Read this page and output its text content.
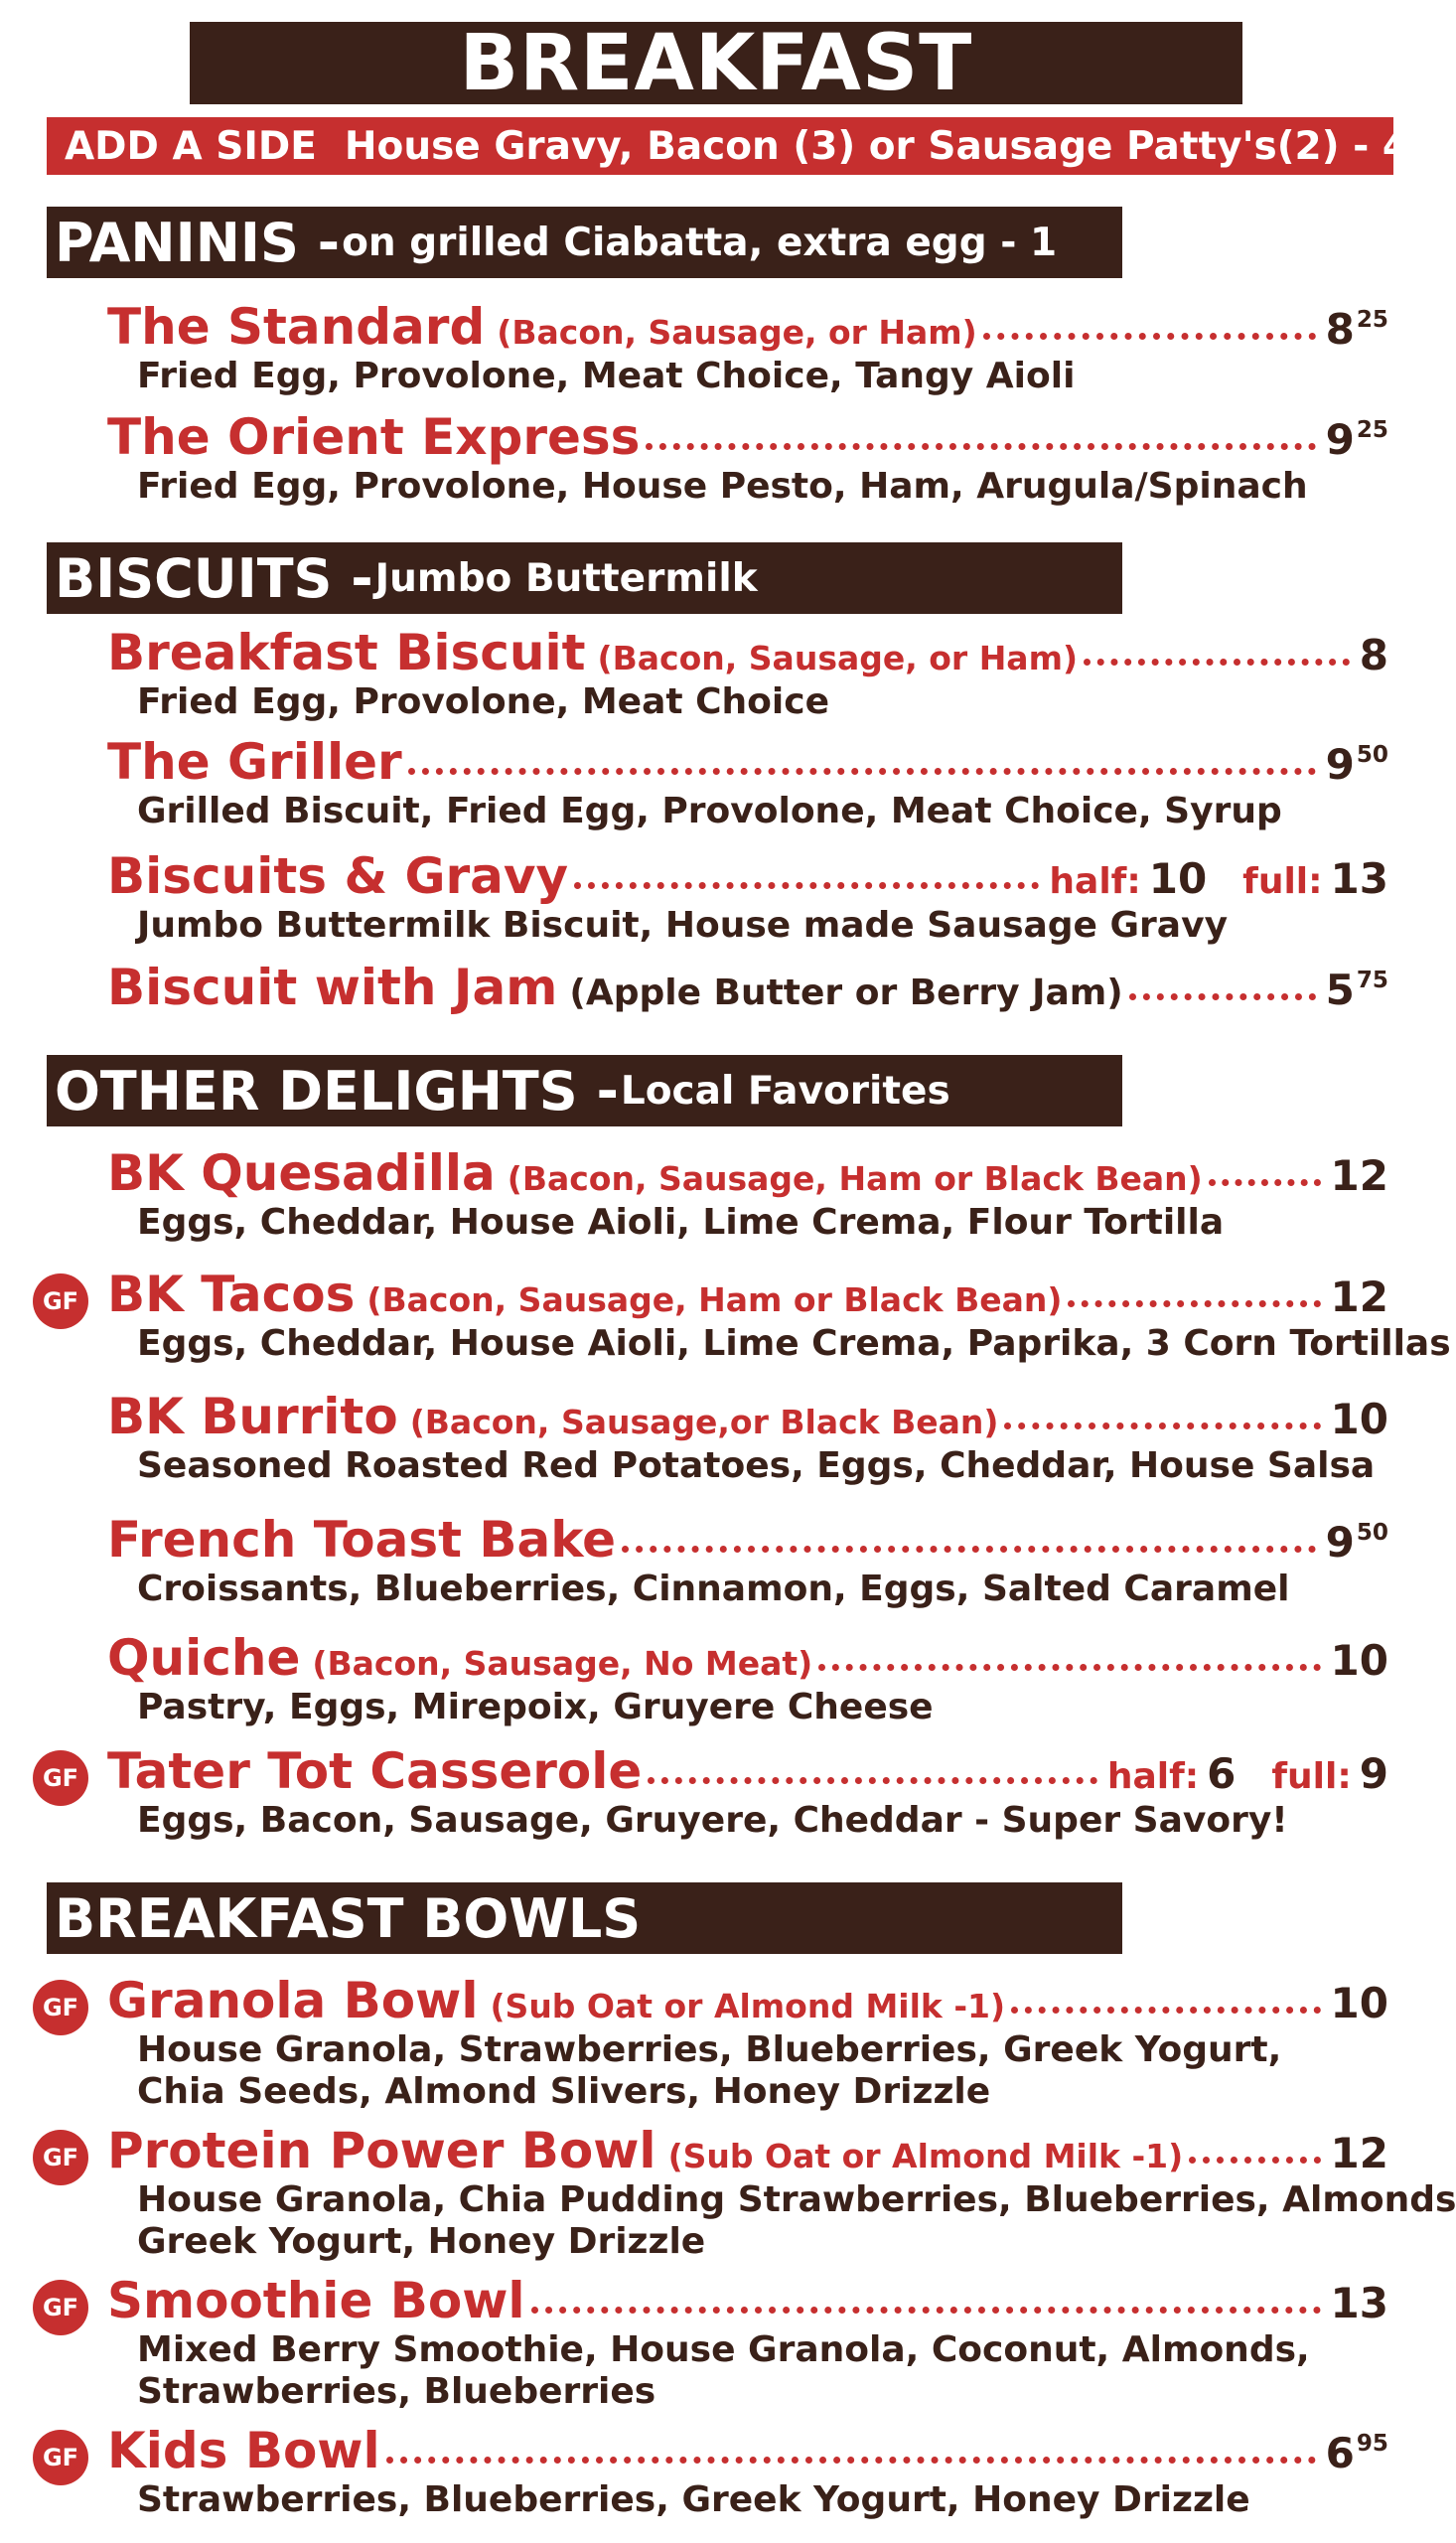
BREAKFAST
ADD A SIDE House Gravy, Bacon (3) or Sausage Patty's(2) - 4 50
PANINIS - on grilled Ciabatta, extra egg - 1
The Standard (Bacon, Sausage, or Ham)	$8^{25}$
Fried Egg, Provolone, Meat Choice, Tangy Aioli
The Orient Express	$9^{25}$
Fried Egg, Provolone, House Pesto, Ham, Arugula/Spinach
BISCUITS - Jumbo Buttermilk
Breakfast Biscuit (Bacon, Sausage, or Ham)	8
Fried Egg, Provolone, Meat Choice
The Griller	$9^{50}$
Grilled Biscuit, Fried Egg, Provolone, Meat Choice, Syrup
Biscuits & Gravy	half: 10 full: 13
Jumbo Buttermilk Biscuit, House made Sausage Gravy
Biscuit with Jam (Apple Butter or Berry Jam)	$5^{75}$
OTHER DELIGHTS - Local Favorites
BK Quesadilla (Bacon, Sausage, Ham or Black Bean)	12
Eggs, Cheddar, House Aioli, Lime Crema, Flour Tortilla
GF BK Tacos (Bacon, Sausage, Ham or Black Bean)	12
Eggs, Cheddar, House Aioli, Lime Crema, Paprika, 3 Corn Tortillas
BK Burrito (Bacon, Sausage,or Black Bean)	10
Seasoned Roasted Red Potatoes, Eggs, Cheddar, House Salsa
French Toast Bake	$9^{50}$
Croissants, Blueberries, Cinnamon, Eggs, Salted Caramel
Quiche (Bacon, Sausage, No Meat)	10
Pastry, Eggs, Mirepoix, Gruyere Cheese
GF Tater Tot Casserole	half: 6 full: 9
Eggs, Bacon, Sausage, Gruyere, Cheddar - Super Savory!
BREAKFAST BOWLS
GF Granola Bowl (Sub Oat or Almond Milk -1)	10
House Granola, Strawberries, Blueberries, Greek Yogurt,
Chia Seeds, Almond Slivers, Honey Drizzle
GF Protein Power Bowl (Sub Oat or Almond Milk -1)	12
House Granola, Chia Pudding Strawberries, Blueberries, Almonds
Greek Yogurt, Honey Drizzle
GF Smoothie Bowl	13
Mixed Berry Smoothie, House Granola, Coconut, Almonds,
Strawberries, Blueberries
GF Kids Bowl	$6^{95}$
Strawberries, Blueberries, Greek Yogurt, Honey Drizzle
